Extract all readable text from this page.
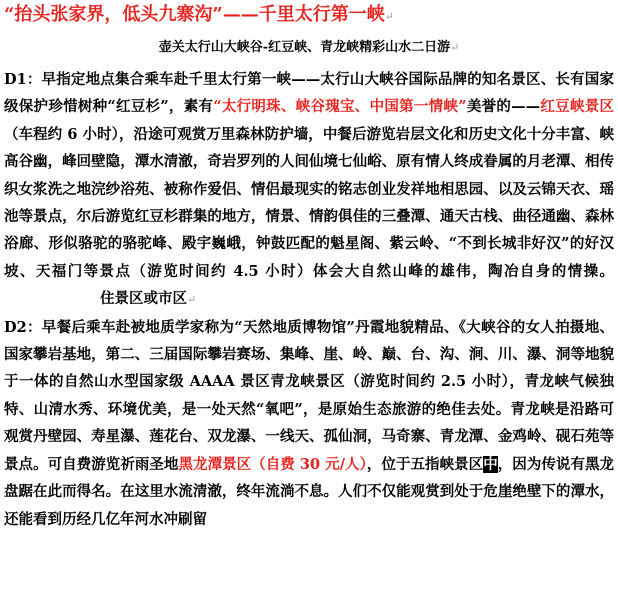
“抬头张家界，低头九寨沟”——千里太行第一峡↵
壶关太行山大峡谷-红豆峡、青龙峡精彩山水二日游↵

D1：早指定地点集合乘车赴千里太行第一峡——太行山大峡谷国际品牌的知名景区、长有国家级保护珍惜树种“红豆杉”，素有“太行明珠、峡谷瑰宝、中国第一情峡”美誉的——红豆峡景区（车程约 6 小时），沿途可观赏万里森林防护墙，中餐后游览岩层文化和历史文化十分丰富、峡高谷幽，峰回壁隐，潭水清澈，奇岩罗列的人间仙境七仙峪、原有情人终成眷属的月老潭、相传织女浆洗之地浣纱浴苑、被称作爱侣、情侣最现实的铭志创业发祥地相思园、以及云锦天衣、瑶池等景点，尔后游览红豆杉群集的地方，情景、情韵俱佳的三叠潭、通天古栈、曲径通幽、森林浴廊、形似骆驼的骆驼峰、殿宇巍峨，钟鼓匹配的魁星阁、紫云岭、“不到长城非好汉”的好汉坡、天福门等景点（游览时间约 4.5 小时）体会大自然山峰的雄伟，陶冶自身的情操。住景区或市区↵

D2：早餐后乘车赴被地质学家称为“天然地质博物馆”丹霞地貌精品、《大峡谷的女人拍摄地、国家攀岩基地，第二、三届国际攀岩赛场、集峰、崖、岭、巅、台、沟、涧、川、瀑、洞等地貌于一体的自然山水型国家级 AAAA 景区青龙峡景区（游览时间约 2.5 小时），青龙峡气候独特、山清水秀、环境优美，是一处天然“氧吧”，是原始生态旅游的绝佳去处。青龙峡是沿路可观赏丹壁园、寿星瀑、莲花台、双龙瀑、一线天、孤仙洞，马奇寨、青龙潭、金鸡岭、砚石苑等景点。可自费游览祈雨圣地黑龙潭景区（自费 30 元/人），位于五指峡景区中，因为传说有黑龙盘踞在此而得名。在这里水流清澈，终年流淌不息。人们不仅能观赏到处于危崖绝壁下的潭水，还能看到历经几亿年河水冲刷留
